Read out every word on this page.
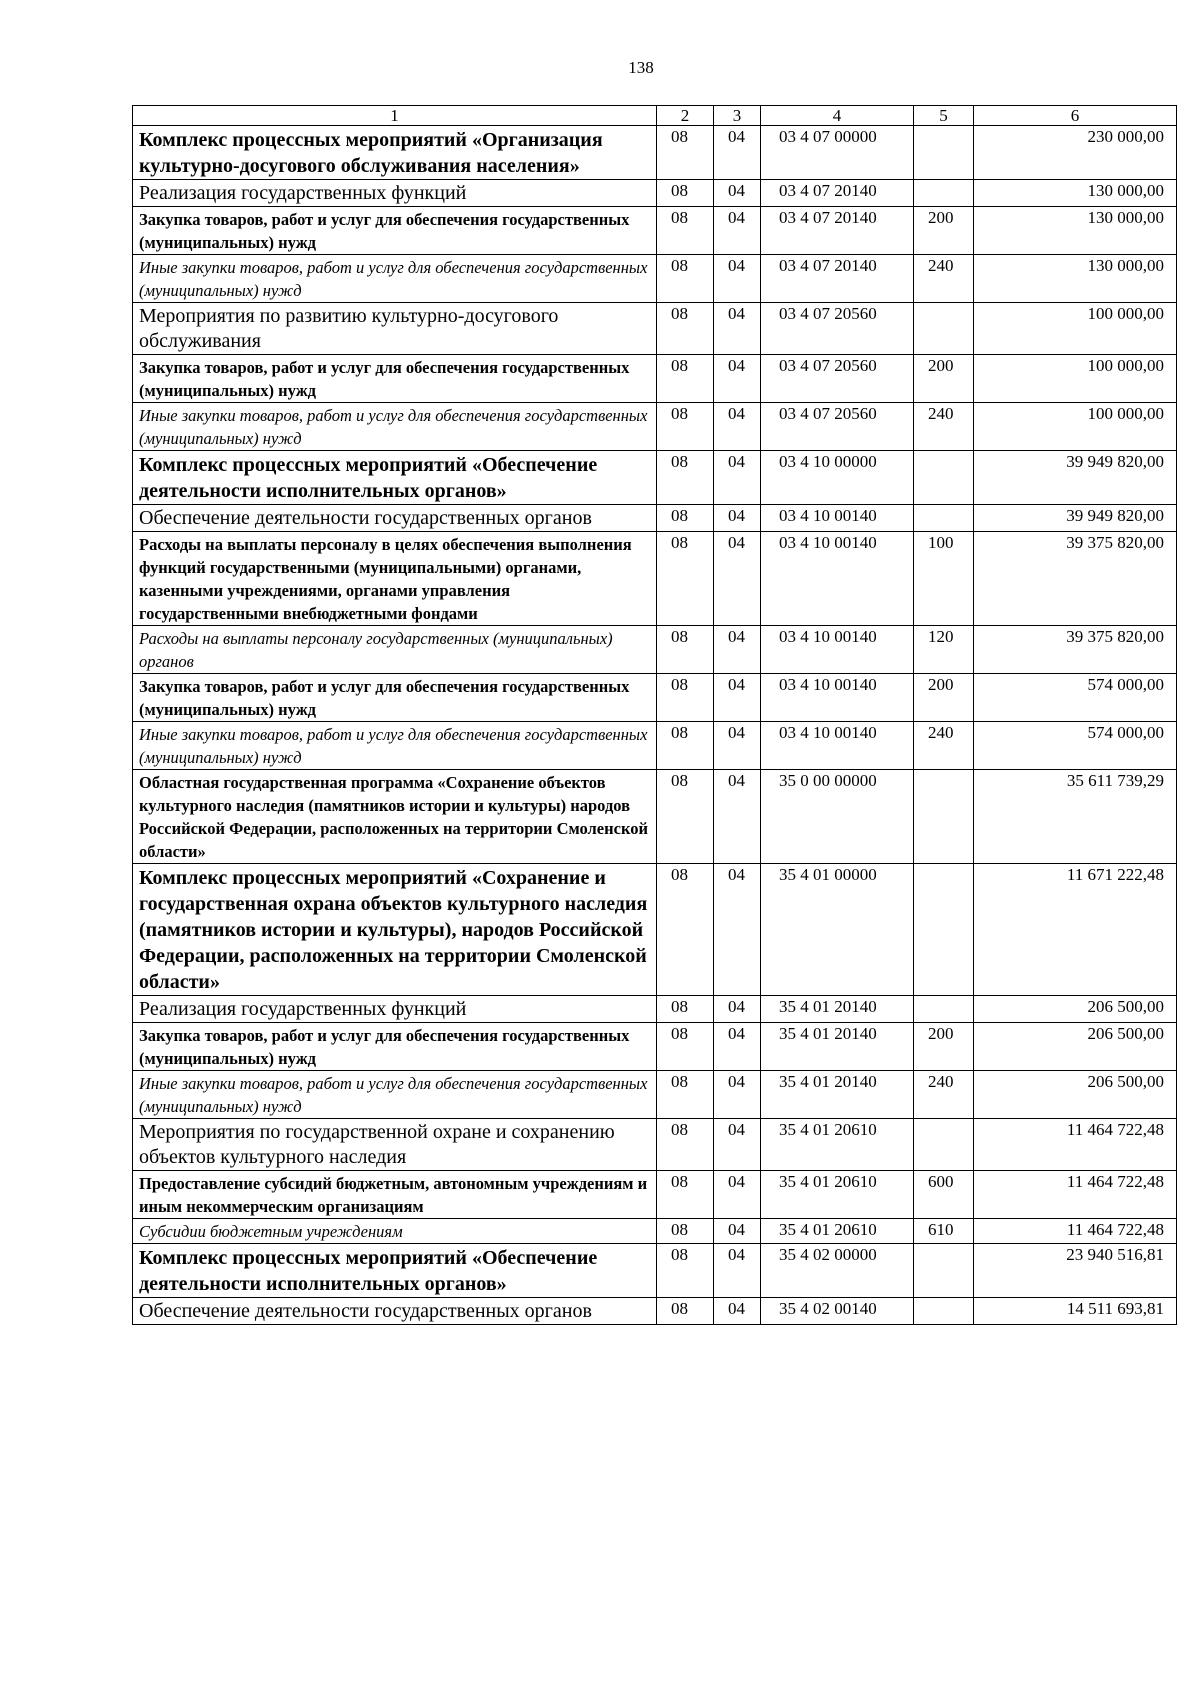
138
1	2	3	4	5	6
Комплекс процессных мероприятий «Организация культурно-досугового обслуживания населения»	08	04	03 4 07 00000		230 000,00
Реализация государственных функций	08	04	03 4 07 20140		130 000,00
Закупка товаров, работ и услуг для обеспечения государственных (муниципальных) нужд	08	04	03 4 07 20140	200	130 000,00
Иные закупки товаров, работ и услуг для обеспечения государственных (муниципальных) нужд	08	04	03 4 07 20140	240	130 000,00
Мероприятия по развитию культурно-досугового обслуживания	08	04	03 4 07 20560		100 000,00
Закупка товаров, работ и услуг для обеспечения государственных (муниципальных) нужд	08	04	03 4 07 20560	200	100 000,00
Иные закупки товаров, работ и услуг для обеспечения государственных (муниципальных) нужд	08	04	03 4 07 20560	240	100 000,00
Комплекс процессных мероприятий «Обеспечение деятельности исполнительных органов»	08	04	03 4 10 00000		39 949 820,00
Обеспечение деятельности государственных органов	08	04	03 4 10 00140		39 949 820,00
Расходы на выплаты персоналу в целях обеспечения выполнения функций государственными (муниципальными) органами, казенными учреждениями, органами управления государственными внебюджетными фондами	08	04	03 4 10 00140	100	39 375 820,00
Расходы на выплаты персоналу государственных (муниципальных) органов	08	04	03 4 10 00140	120	39 375 820,00
Закупка товаров, работ и услуг для обеспечения государственных (муниципальных) нужд	08	04	03 4 10 00140	200	574 000,00
Иные закупки товаров, работ и услуг для обеспечения государственных (муниципальных) нужд	08	04	03 4 10 00140	240	574 000,00
Областная государственная программа «Сохранение объектов культурного наследия (памятников истории и культуры) народов Российской Федерации, расположенных на территории Смоленской области»	08	04	35 0 00 00000		35 611 739,29
Комплекс процессных мероприятий «Сохранение и государственная охрана объектов культурного наследия (памятников истории и культуры), народов Российской Федерации, расположенных на территории Смоленской области»	08	04	35 4 01 00000		11 671 222,48
Реализация государственных функций	08	04	35 4 01 20140		206 500,00
Закупка товаров, работ и услуг для обеспечения государственных (муниципальных) нужд	08	04	35 4 01 20140	200	206 500,00
Иные закупки товаров, работ и услуг для обеспечения государственных (муниципальных) нужд	08	04	35 4 01 20140	240	206 500,00
Мероприятия по государственной охране и сохранению объектов культурного наследия	08	04	35 4 01 20610		11 464 722,48
Предоставление субсидий бюджетным, автономным учреждениям и иным некоммерческим организациям	08	04	35 4 01 20610	600	11 464 722,48
Субсидии бюджетным учреждениям	08	04	35 4 01 20610	610	11 464 722,48
Комплекс процессных мероприятий «Обеспечение деятельности исполнительных органов»	08	04	35 4 02 00000		23 940 516,81
Обеспечение деятельности государственных органов	08	04	35 4 02 00140		14 511 693,81
